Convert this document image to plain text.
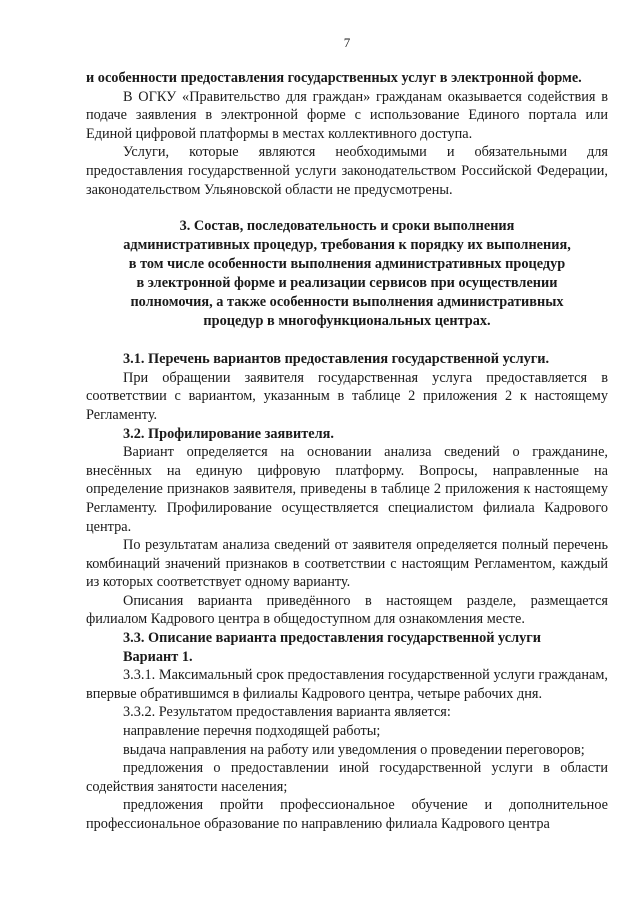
7

и особенности предоставления государственных услуг в электронной форме.

В ОГКУ «Правительство для граждан» гражданам оказывается содействия в подаче заявления в электронной форме с использование Единого портала или Единой цифровой платформы в местах коллективного доступа.

Услуги, которые являются необходимыми и обязательными для предоставления государственной услуги законодательством Российской Федерации, законодательством Ульяновской области не предусмотрены.

3. Состав, последовательность и сроки выполнения
административных процедур, требования к порядку их выполнения,
в том числе особенности выполнения административных процедур
в электронной форме и реализации сервисов при осуществлении
полномочия, а также особенности выполнения административных
процедур в многофункциональных центрах.

3.1. Перечень вариантов предоставления государственной услуги.

При обращении заявителя государственная услуга предоставляется в соответствии с вариантом, указанным в таблице 2 приложения 2 к настоящему Регламенту.

3.2. Профилирование заявителя.

Вариант определяется на основании анализа сведений о гражданине, внесённых на единую цифровую платформу. Вопросы, направленные на определение признаков заявителя, приведены в таблице 2 приложения к настоящему Регламенту. Профилирование осуществляется специалистом филиала Кадрового центра.

По результатам анализа сведений от заявителя определяется полный перечень комбинаций значений признаков в соответствии с настоящим Регламентом, каждый из которых соответствует одному варианту.

Описания варианта приведённого в настоящем разделе, размещается филиалом Кадрового центра в общедоступном для ознакомления месте.

3.3. Описание варианта предоставления государственной услуги

Вариант 1.

3.3.1. Максимальный срок предоставления государственной услуги гражданам, впервые обратившимся в филиалы Кадрового центра, четыре рабочих дня.

3.3.2. Результатом предоставления варианта является:

направление перечня подходящей работы;

выдача направления на работу или уведомления о проведении переговоров;

предложения о предоставлении иной государственной услуги в области содействия занятости населения;

предложения пройти профессиональное обучение и дополнительное профессиональное образование по направлению филиала Кадрового центра
